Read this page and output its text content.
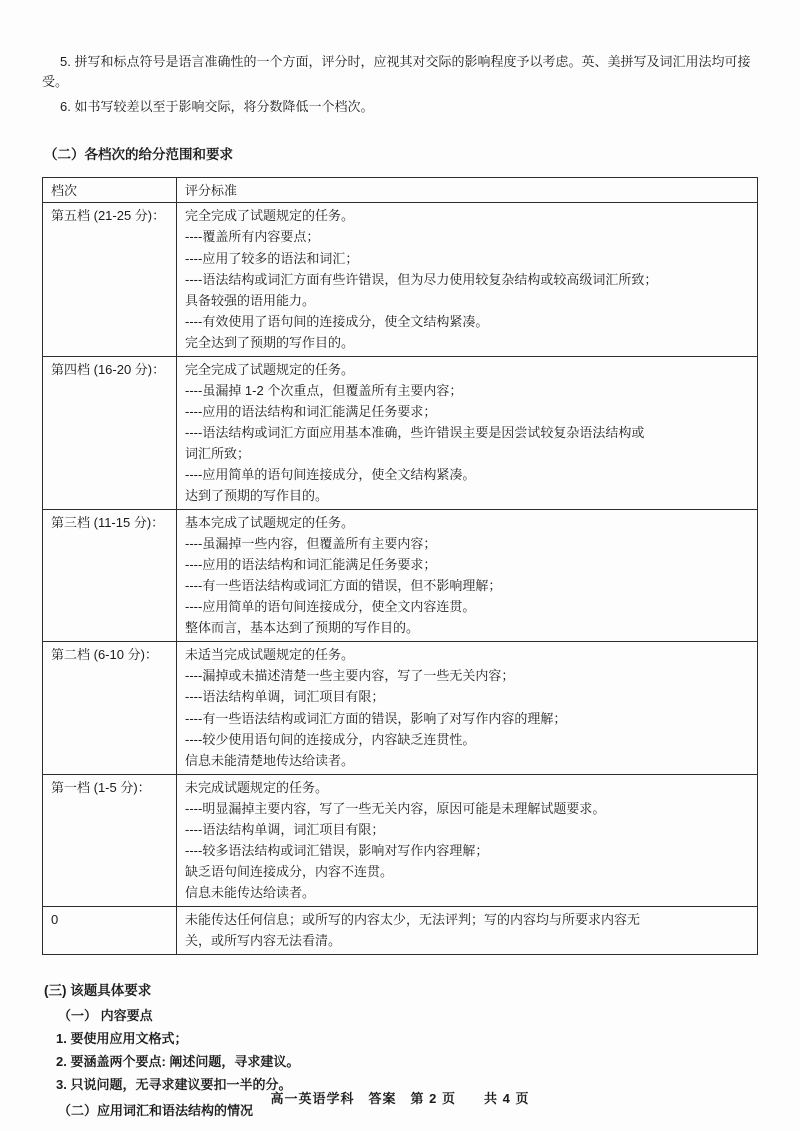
5. 拼写和标点符号是语言准确性的一个方面，评分时，应视其对交际的影响程度予以考虑。英、美拼写及词汇用法均可接受。

6. 如书写较差以至于影响交际，将分数降低一个档次。

（二）各档次的给分范围和要求
档次	评分标准
第五档 (21-25 分)：	完全完成了试题规定的任务。
----覆盖所有内容要点；
----应用了较多的语法和词汇；
----语法结构或词汇方面有些许错误，但为尽力使用较复杂结构或较高级词汇所致；
具备较强的语用能力。
----有效使用了语句间的连接成分，使全文结构紧凑。
完全达到了预期的写作目的。

第四档 (16-20 分)：	完全完成了试题规定的任务。
----虽漏掉 1-2 个次重点，但覆盖所有主要内容；
----应用的语法结构和词汇能满足任务要求；
----语法结构或词汇方面应用基本准确，些许错误主要是因尝试较复杂语法结构或
词汇所致；
----应用简单的语句间连接成分，使全文结构紧凑。
达到了预期的写作目的。

第三档 (11-15 分)：	基本完成了试题规定的任务。
----虽漏掉一些内容，但覆盖所有主要内容；
----应用的语法结构和词汇能满足任务要求；
----有一些语法结构或词汇方面的错误，但不影响理解；
----应用简单的语句间连接成分，使全文内容连贯。
整体而言，基本达到了预期的写作目的。

第二档 (6-10 分)：	未适当完成试题规定的任务。
----漏掉或未描述清楚一些主要内容，写了一些无关内容；
----语法结构单调，词汇项目有限；
----有一些语法结构或词汇方面的错误，影响了对写作内容的理解；
----较少使用语句间的连接成分，内容缺乏连贯性。
信息未能清楚地传达给读者。

第一档 (1-5 分)：	未完成试题规定的任务。
----明显漏掉主要内容，写了一些无关内容，原因可能是未理解试题要求。
----语法结构单调，词汇项目有限；
----较多语法结构或词汇错误，影响对写作内容理解；
缺乏语句间连接成分，内容不连贯。
信息未能传达给读者。

0	未能传达任何信息；或所写的内容太少，无法评判；写的内容均与所要求内容无
关，或所写内容无法看清。
(三) 该题具体要求
（一） 内容要点
1. 要使用应用文格式；
2. 要涵盖两个要点: 阐述问题，寻求建议。
3. 只说问题，无寻求建议要扣一半的分。
（二）应用词汇和语法结构的情况
高一英语学科　答案　第 2 页　　共 4 页
